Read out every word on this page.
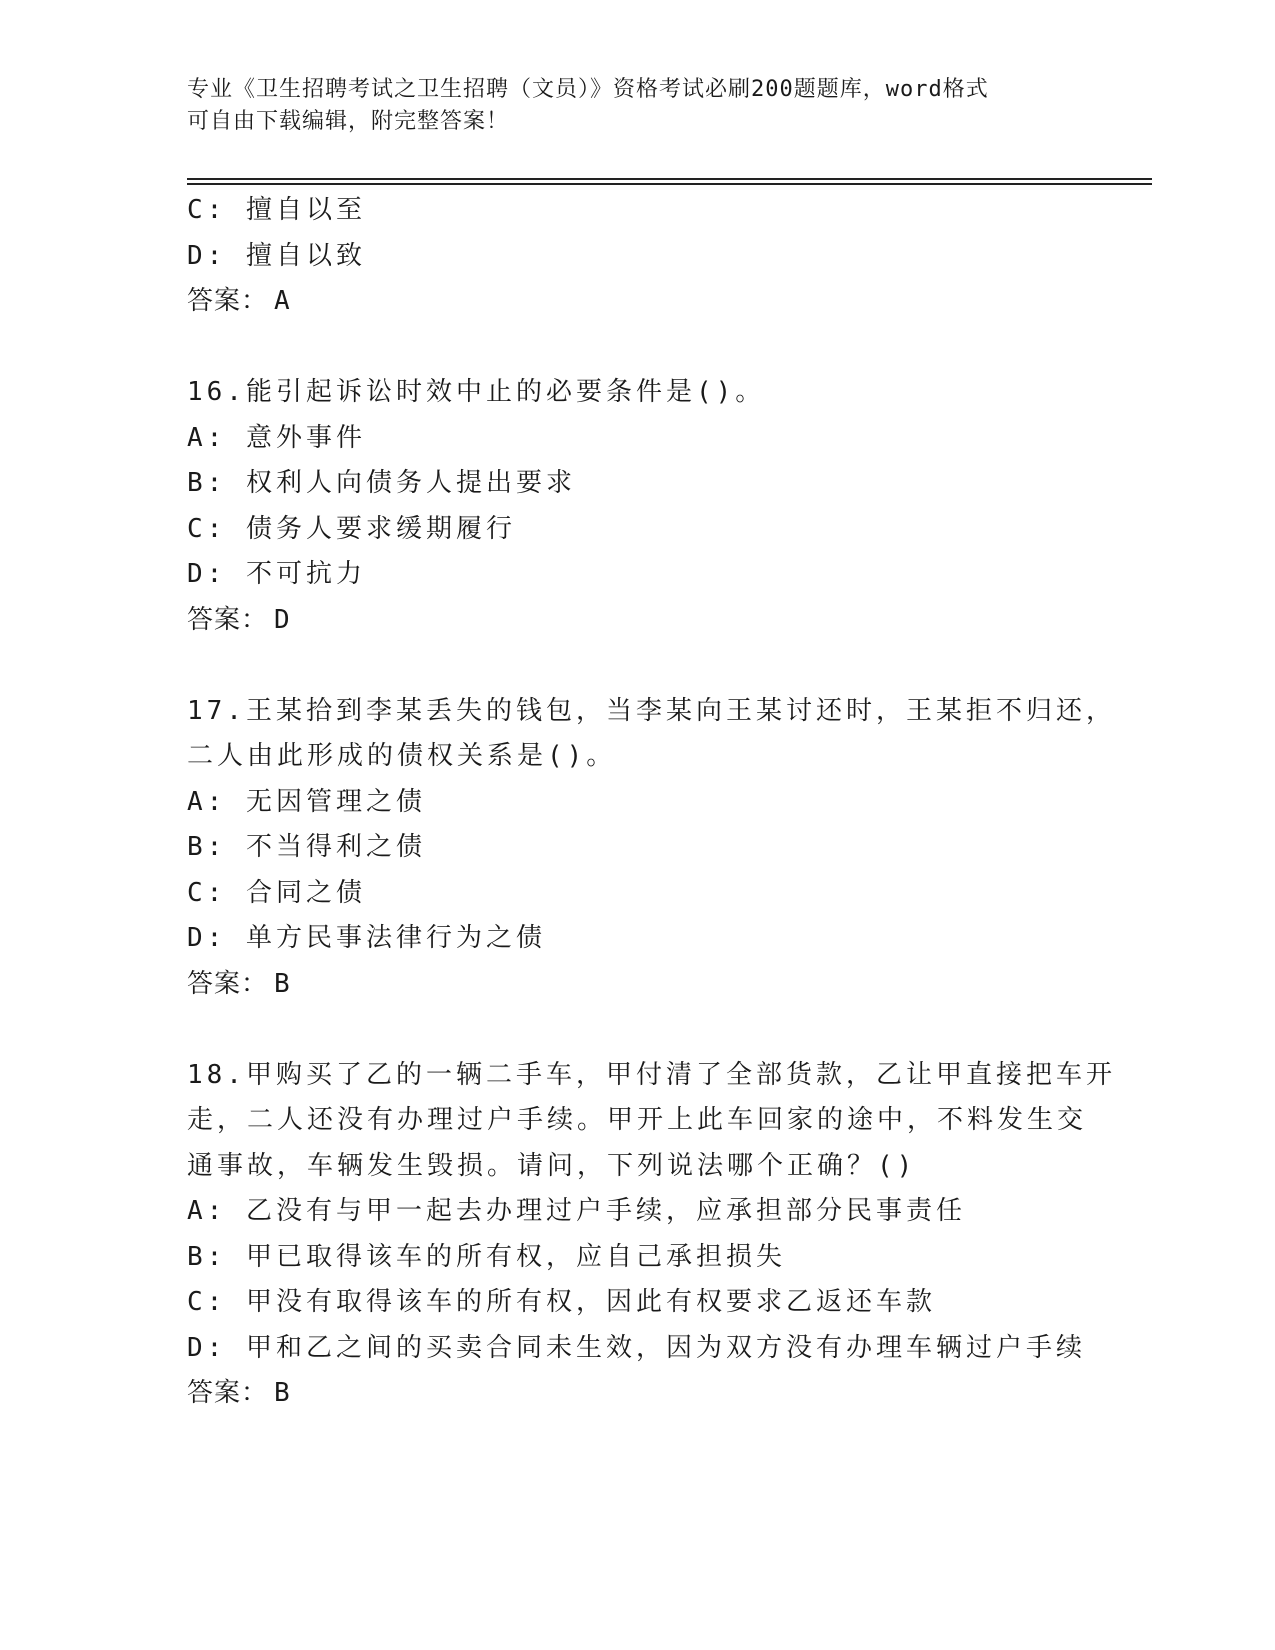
专业《卫生招聘考试之卫生招聘（文员）》资格考试必刷200题题库，word格式
可自由下载编辑，附完整答案！
C: 擅自以至
D: 擅自以致
答案： A
16.能引起诉讼时效中止的必要条件是()。
A: 意外事件
B: 权利人向债务人提出要求
C: 债务人要求缓期履行
D: 不可抗力
答案： D
17.王某拾到李某丢失的钱包，当李某向王某讨还时，王某拒不归还，
二人由此形成的债权关系是()。
A: 无因管理之债
B: 不当得利之债
C: 合同之债
D: 单方民事法律行为之债
答案： B
18.甲购买了乙的一辆二手车，甲付清了全部货款，乙让甲直接把车开
走，二人还没有办理过户手续。甲开上此车回家的途中，不料发生交
通事故，车辆发生毁损。请问，下列说法哪个正确？()
A: 乙没有与甲一起去办理过户手续，应承担部分民事责任
B: 甲已取得该车的所有权，应自己承担损失
C: 甲没有取得该车的所有权，因此有权要求乙返还车款
D: 甲和乙之间的买卖合同未生效，因为双方没有办理车辆过户手续
答案： B
